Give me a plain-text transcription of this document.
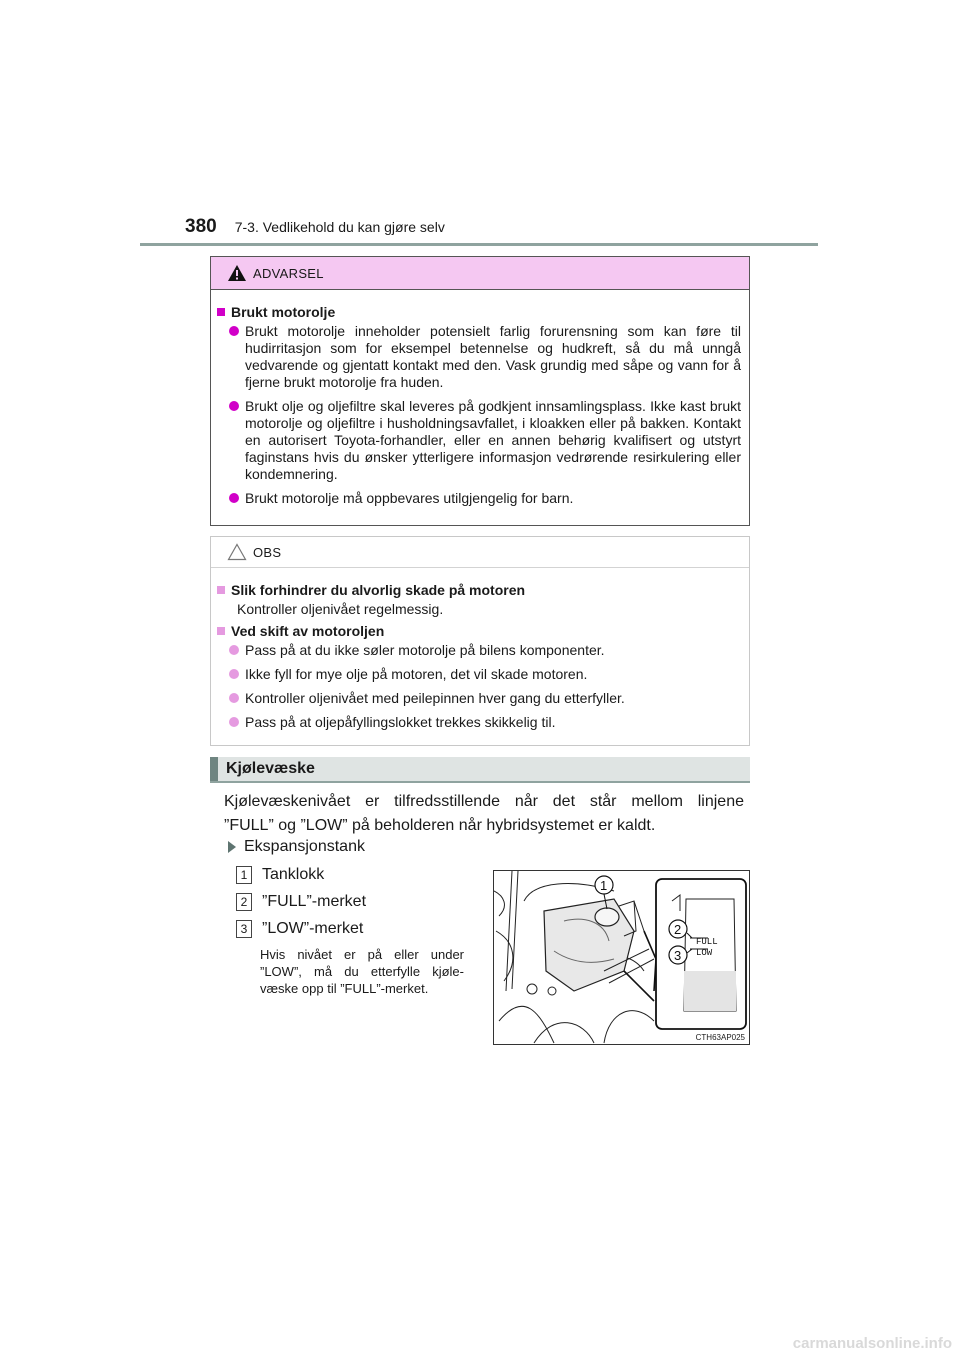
380 7-3. Vedlikehold du kan gjøre selv
ADVARSEL
Brukt motorolje
Brukt motorolje inneholder potensielt farlig forurensning som kan føre til hudirritasjon som for eksempel betennelse og hudkreft, så du må unngå vedvarende og gjentatt kontakt med den. Vask grundig med såpe og vann for å fjerne brukt motorolje fra huden.
Brukt olje og oljefiltre skal leveres på godkjent innsamlingsplass. Ikke kast brukt motorolje og oljefiltre i husholdningsavfallet, i kloakken eller på bakken. Kontakt en autorisert Toyota-forhandler, eller en annen behørig kvalifisert og utstyrt faginstans hvis du ønsker ytterligere informasjon vedrørende resirkulering eller kondemnering.
Brukt motorolje må oppbevares utilgjengelig for barn.
OBS
Slik forhindrer du alvorlig skade på motoren
Kontroller oljenivået regelmessig.
Ved skift av motoroljen
Pass på at du ikke søler motorolje på bilens komponenter.
Ikke fyll for mye olje på motoren, det vil skade motoren.
Kontroller oljenivået med peilepinnen hver gang du etterfyller.
Pass på at oljepåfyllingslokket trekkes skikkelig til.
Kjølevæske
Kjølevæskenivået er tilfredsstillende når det står mellom linjene
”FULL” og ”LOW” på beholderen når hybridsystemet er kaldt.
Ekspansjonstank
1 Tanklokk
2 ”FULL”-merket
3 ”LOW”-merket
Hvis nivået er på eller under ”LOW”, må du etterfylle kjøle-væske opp til ”FULL”-merket.
FULL
LOW
1
2
3
CTH63AP025
carmanualsonline.info
